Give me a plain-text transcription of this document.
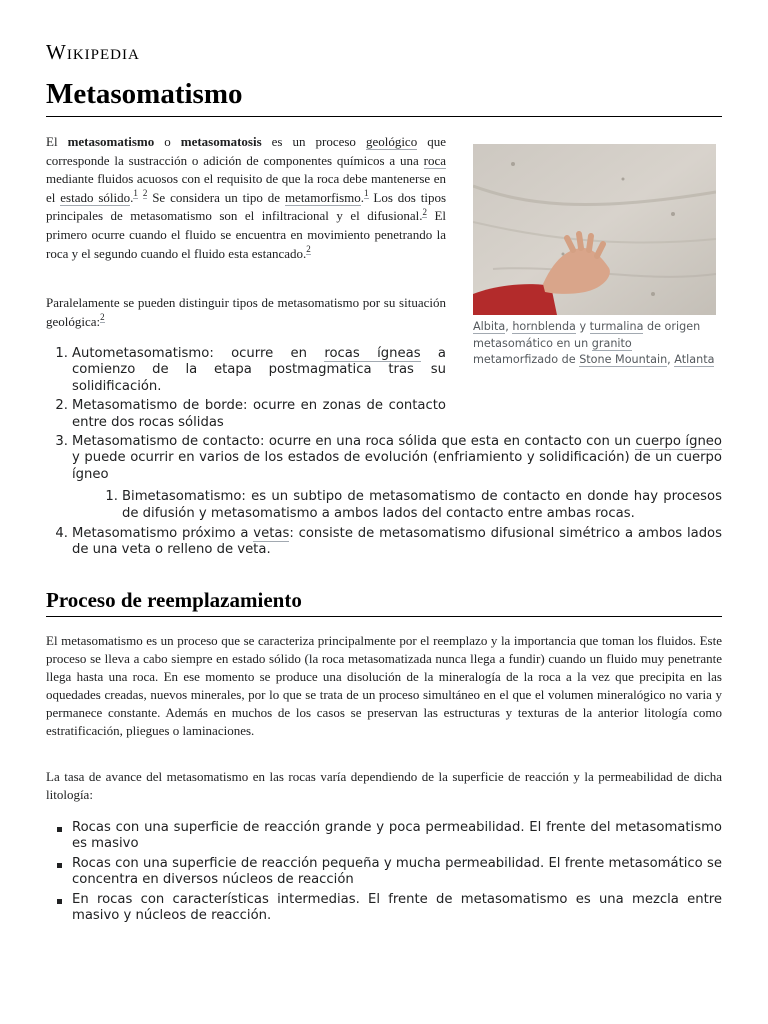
Wikipedia
Metasomatismo

El metasomatismo o metasomatosis es un proceso geológico que corresponde la sustracción o adición de componentes químicos a una roca mediante fluidos acuosos con el requisito de que la roca debe mantenerse en el estado sólido.$^1$ $^2$ Se considera un tipo de metamorfismo.$^1$ Los dos tipos principales de metasomatismo son el infiltracional y el difusional.$^2$ El primero ocurre cuando el fluido se encuentra en movimiento penetrando la roca y el segundo cuando el fluido esta estancado.$^2$

Paralelamente se pueden distinguir tipos de metasomatismo por su situación geológica:$^2$

Albita, hornblenda y turmalina de origen metasomático en un granito metamorfizado de Stone Mountain, Atlanta
1. Autometasomatismo: ocurre en rocas ígneas a comienzo de la etapa postmagmatica tras su solidificación.
2. Metasomatismo de borde: ocurre en zonas de contacto entre dos rocas sólidas
3. Metasomatismo de contacto: ocurre en una roca sólida que esta en contacto con un cuerpo ígneo y puede ocurrir en varios de los estados de evolución (enfriamiento y solidificación) de un cuerpo ígneo
1. Bimetasomatismo: es un subtipo de metasomatismo de contacto en donde hay procesos de difusión y metasomatismo a ambos lados del contacto entre ambas rocas.
4. Metasomatismo próximo a vetas: consiste de metasomatismo difusional simétrico a ambos lados de una veta o relleno de veta.
Proceso de reemplazamiento

El metasomatismo es un proceso que se caracteriza principalmente por el reemplazo y la importancia que toman los fluidos. Este proceso se lleva a cabo siempre en estado sólido (la roca metasomatizada nunca llega a fundir) cuando un fluido muy penetrante llega hasta una roca. En ese momento se produce una disolución de la mineralogía de la roca a la vez que precipita en las oquedades creadas, nuevos minerales, por lo que se trata de un proceso simultáneo en el que el volumen mineralógico no varia y permanece constante. Además en muchos de los casos se preservan las estructuras y texturas de la anterior litología como estratificación, pliegues o laminaciones.

La tasa de avance del metasomatismo en las rocas varía dependiendo de la superficie de reacción y la permeabilidad de dicha litología:

Rocas con una superficie de reacción grande y poca permeabilidad. El frente del metasomatismo es masivo
Rocas con una superficie de reacción pequeña y mucha permeabilidad. El frente metasomático se concentra en diversos núcleos de reacción
En rocas con características intermedias. El frente de metasomatismo es una mezcla entre masivo y núcleos de reacción.
